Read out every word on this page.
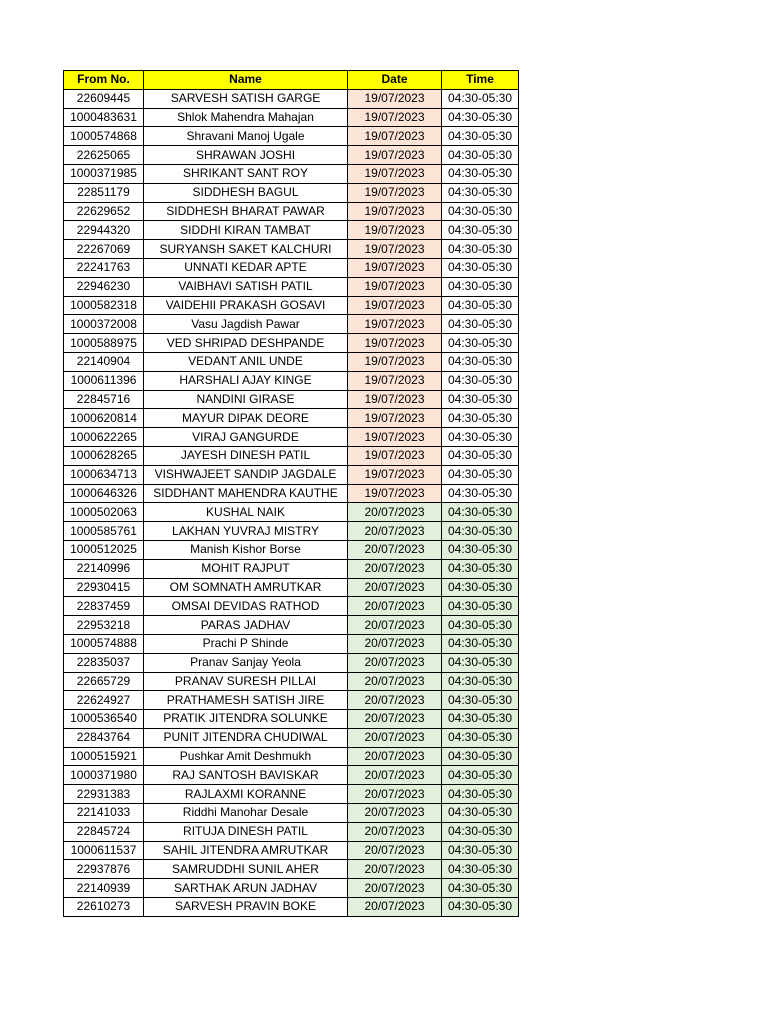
From No.	Name	Date	Time
22609445	SARVESH SATISH GARGE	19/07/2023	04:30-05:30
1000483631	Shlok Mahendra Mahajan	19/07/2023	04:30-05:30
1000574868	Shravani Manoj Ugale	19/07/2023	04:30-05:30
22625065	SHRAWAN JOSHI	19/07/2023	04:30-05:30
1000371985	SHRIKANT SANT ROY	19/07/2023	04:30-05:30
22851179	SIDDHESH BAGUL	19/07/2023	04:30-05:30
22629652	SIDDHESH BHARAT PAWAR	19/07/2023	04:30-05:30
22944320	SIDDHI KIRAN TAMBAT	19/07/2023	04:30-05:30
22267069	SURYANSH SAKET KALCHURI	19/07/2023	04:30-05:30
22241763	UNNATI KEDAR APTE	19/07/2023	04:30-05:30
22946230	VAIBHAVI SATISH PATIL	19/07/2023	04:30-05:30
1000582318	VAIDEHII PRAKASH GOSAVI	19/07/2023	04:30-05:30
1000372008	Vasu Jagdish Pawar	19/07/2023	04:30-05:30
1000588975	VED SHRIPAD DESHPANDE	19/07/2023	04:30-05:30
22140904	VEDANT ANIL UNDE	19/07/2023	04:30-05:30
1000611396	HARSHALI AJAY KINGE	19/07/2023	04:30-05:30
22845716	NANDINI GIRASE	19/07/2023	04:30-05:30
1000620814	MAYUR DIPAK DEORE	19/07/2023	04:30-05:30
1000622265	VIRAJ GANGURDE	19/07/2023	04:30-05:30
1000628265	JAYESH DINESH PATIL	19/07/2023	04:30-05:30
1000634713	VISHWAJEET SANDIP JAGDALE	19/07/2023	04:30-05:30
1000646326	SIDDHANT MAHENDRA KAUTHE	19/07/2023	04:30-05:30
1000502063	KUSHAL NAIK	20/07/2023	04:30-05:30
1000585761	LAKHAN YUVRAJ MISTRY	20/07/2023	04:30-05:30
1000512025	Manish Kishor Borse	20/07/2023	04:30-05:30
22140996	MOHIT RAJPUT	20/07/2023	04:30-05:30
22930415	OM SOMNATH AMRUTKAR	20/07/2023	04:30-05:30
22837459	OMSAI DEVIDAS RATHOD	20/07/2023	04:30-05:30
22953218	PARAS JADHAV	20/07/2023	04:30-05:30
1000574888	Prachi P Shinde	20/07/2023	04:30-05:30
22835037	Pranav Sanjay Yeola	20/07/2023	04:30-05:30
22665729	PRANAV SURESH PILLAI	20/07/2023	04:30-05:30
22624927	PRATHAMESH SATISH JIRE	20/07/2023	04:30-05:30
1000536540	PRATIK JITENDRA SOLUNKE	20/07/2023	04:30-05:30
22843764	PUNIT JITENDRA CHUDIWAL	20/07/2023	04:30-05:30
1000515921	Pushkar Amit Deshmukh	20/07/2023	04:30-05:30
1000371980	RAJ SANTOSH BAVISKAR	20/07/2023	04:30-05:30
22931383	RAJLAXMI KORANNE	20/07/2023	04:30-05:30
22141033	Riddhi Manohar Desale	20/07/2023	04:30-05:30
22845724	RITUJA DINESH PATIL	20/07/2023	04:30-05:30
1000611537	SAHIL JITENDRA AMRUTKAR	20/07/2023	04:30-05:30
22937876	SAMRUDDHI SUNIL AHER	20/07/2023	04:30-05:30
22140939	SARTHAK ARUN JADHAV	20/07/2023	04:30-05:30
22610273	SARVESH PRAVIN BOKE	20/07/2023	04:30-05:30
